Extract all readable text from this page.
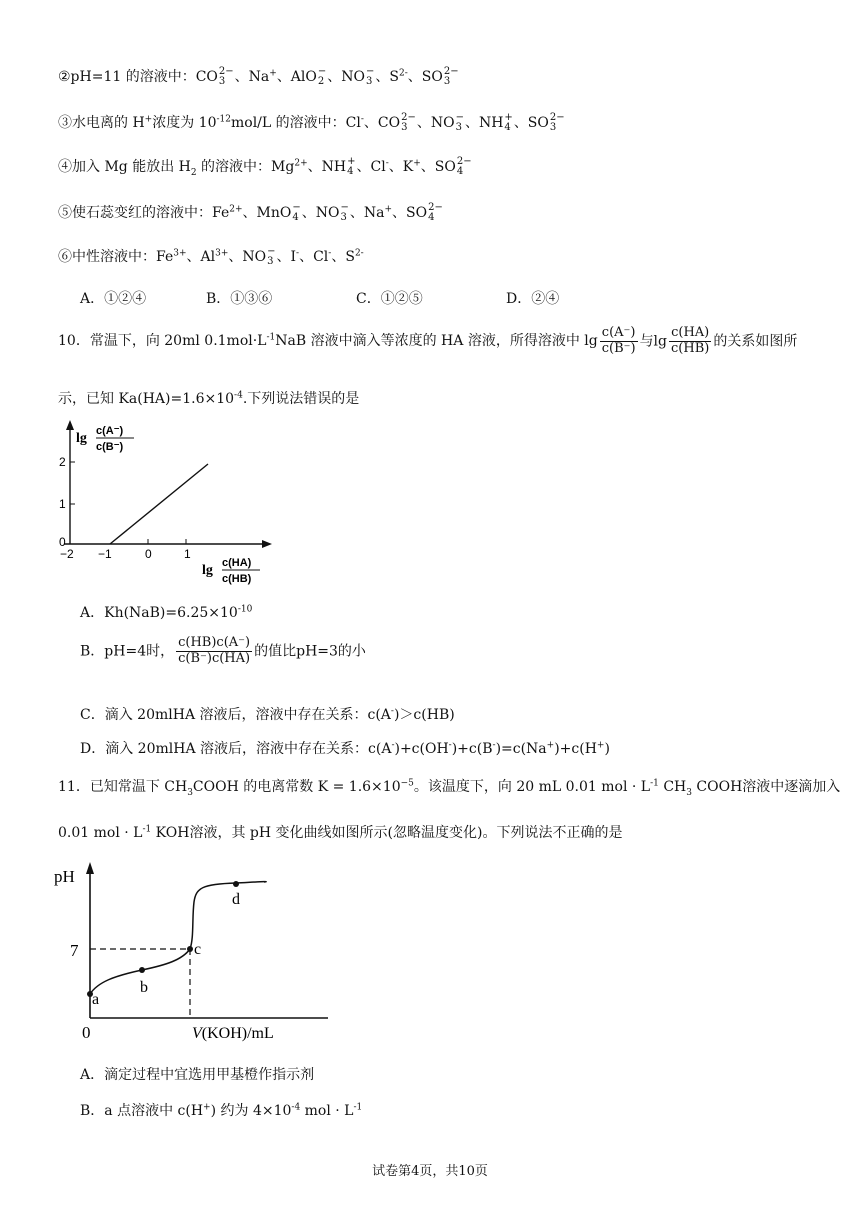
②pH=11 的溶液中：CO 2−
3 、Na+、AlO −
2 、NO −
3 、$S^{2-}$、SO 2−
3
③水电离的 H+浓度为 $10^{-12}mol/L$ 的溶液中：Cl-、CO 2−
3 、NO −
3 、NH +
4 、SO 2−
3
④加入 Mg 能放出 $H_2$ 的溶液中：$Mg^{2+}$、NH +
4 、Cl-、K+、SO 2−
4
⑤使石蕊变红的溶液中：$Fe^{2+}$、MnO −
4 、NO −
3 、Na+、SO 2−
4
⑥中性溶液中：$Fe^{3+}$、$Al^{3+}$、NO −
3 、I-、Cl-、$S^{2-}$
A．①②④	B．①③⑥	C．①②⑤	D．②④
10．常温下，向 20ml $0.1mol\cdot L^{-1}NaB$ 溶液中滴入等浓度的 HA 溶液，所得溶液中 $\lg \frac{c(A^-)}{c(B^-)}$ 与$\lg \frac{c(HA)}{c(HB)}$ 的关系如图所
示，已知 $Ka(HA)=1.6\times 10^{-4}$.下列说法错误的是
lg c(A⁻)
c(B⁻)
2
1
0
−2 −1	0	1
lg c(HA)
c(HB)
A．$Kh(NaB)=6.25\times 10^{-10}$
B．pH=4时， $\frac{c(HB)c(A^-)}{c(B^-)c(HA)}$ 的值比pH=3的小
C．滴入 20mlHA 溶液后，溶液中存在关系：c(A-)＞c(HB)
D．滴入 20mlHA 溶液后，溶液中存在关系：c(A-)+c(OH-)+c(B-)=c(Na+)+c(H+)
11．已知常温下 $CH_3COOH$ 的电离常数 $K = 1.6\times 10^{-5}$。该温度下，向 20 mL 0.01 mol · $L^{-1}$ $CH_3$ COOH溶液中逐滴加入
0.01 mol · $L^{-1}$ KOH溶液，其 pH 变化曲线如图所示(忽略温度变化)。下列说法不正确的是
pH
7
0	V(KOH)/mL
a
b
c
d
A．滴定过程中宜选用甲基橙作指示剂
B．a 点溶液中 c(H+) 约为 $4\times 10^{-4}$ mol · $L^{-1}$
试卷第4页，共10页
